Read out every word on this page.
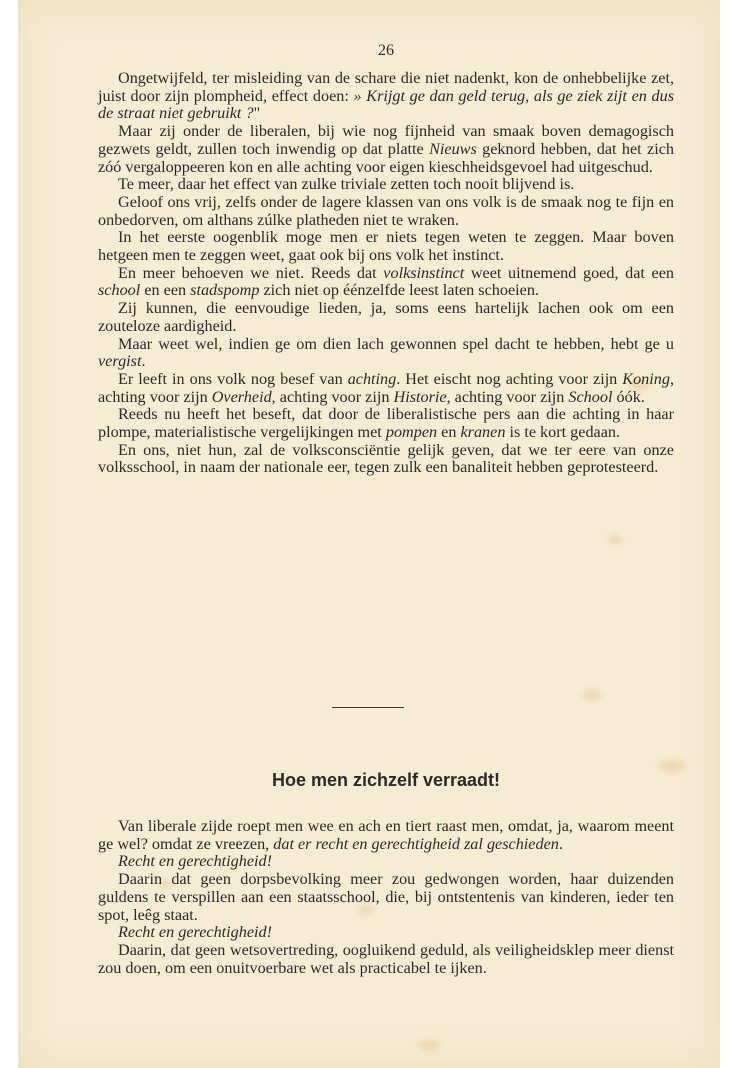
26

Ongetwijfeld, ter misleiding van de schare die niet nadenkt, kon de onhebbelijke zet, juist door zijn plompheid, effect doen: » Krijgt ge dan geld terug, als ge ziek zijt en dus de straat niet gebruikt ?"

Maar zij onder de liberalen, bij wie nog fijnheid van smaak boven demagogisch gezwets geldt, zullen toch inwendig op dat platte Nieuws geknord hebben, dat het zich zóó vergaloppeeren kon en alle achting voor eigen kieschheidsgevoel had uitgeschud.

Te meer, daar het effect van zulke triviale zetten toch nooit blijvend is.

Geloof ons vrij, zelfs onder de lagere klassen van ons volk is de smaak nog te fijn en onbedorven, om althans zúlke platheden niet te wraken.

In het eerste oogenblik moge men er niets tegen weten te zeggen. Maar boven hetgeen men te zeggen weet, gaat ook bij ons volk het instinct.

En meer behoeven we niet. Reeds dat volksinstinct weet uitnemend goed, dat een school en een stadspomp zich niet op éénzelfde leest laten schoeien.

Zij kunnen, die eenvoudige lieden, ja, soms eens hartelijk lachen ook om een zouteloze aardigheid.

Maar weet wel, indien ge om dien lach gewonnen spel dacht te hebben, hebt ge u vergist.

Er leeft in ons volk nog besef van achting. Het eischt nog achting voor zijn Koning, achting voor zijn Overheid, achting voor zijn Historie, achting voor zijn School óók.

Reeds nu heeft het beseft, dat door de liberalistische pers aan die achting in haar plompe, materialistische vergelijkingen met pompen en kranen is te kort gedaan.

En ons, niet hun, zal de volksconsciëntie gelijk geven, dat we ter eere van onze volksschool, in naam der nationale eer, tegen zulk een banaliteit hebben geprotesteerd.

Hoe men zichzelf verraadt!

Van liberale zijde roept men wee en ach en tiert raast men, omdat, ja, waarom meent ge wel? omdat ze vreezen, dat er recht en gerechtigheid zal geschieden.

Recht en gerechtigheid!

Daarin dat geen dorpsbevolking meer zou gedwongen worden, haar duizenden guldens te verspillen aan een staatsschool, die, bij ontstentenis van kinderen, ieder ten spot, leêg staat.

Recht en gerechtigheid!

Daarin, dat geen wetsovertreding, oogluikend geduld, als veiligheidsklep meer dienst zou doen, om een onuitvoerbare wet als practicabel te ijken.
